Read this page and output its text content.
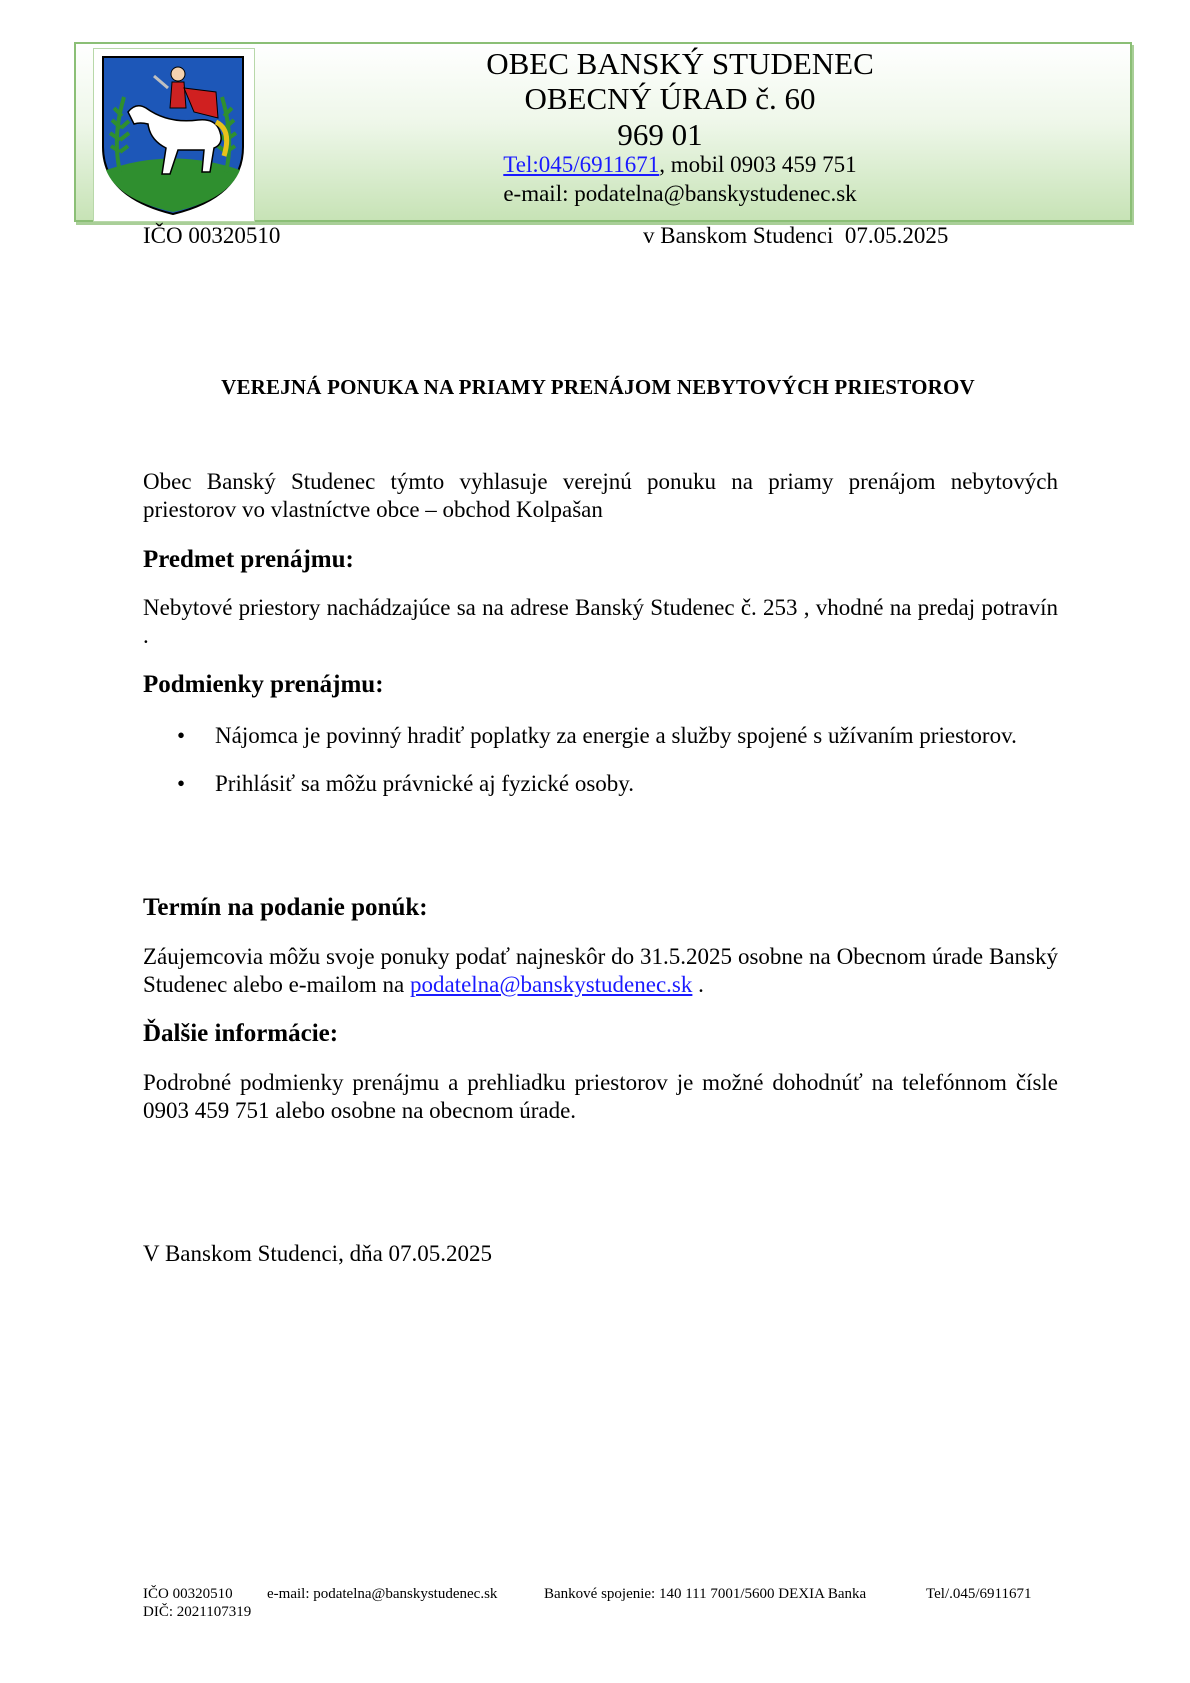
OBEC BANSKÝ STUDENEC
OBECNÝ ÚRAD č. 60
969 01
Tel:045/6911671, mobil 0903 459 751
e-mail: podatelna@banskystudenec.sk
IČO 00320510	v Banskom Studenci  07.05.2025
VEREJNÁ PONUKA NA PRIAMY PRENÁJOM NEBYTOVÝCH PRIESTOROV
Obec Banský Studenec týmto vyhlasuje verejnú ponuku na priamy prenájom nebytových priestorov vo vlastníctve obce – obchod Kolpašan
Predmet prenájmu:
Nebytové priestory nachádzajúce sa na adrese Banský Studenec č. 253 , vhodné na predaj potravín .
Podmienky prenájmu:
• Nájomca je povinný hradiť poplatky za energie a služby spojené s užívaním priestorov.
• Prihlásiť sa môžu právnické aj fyzické osoby.
Termín na podanie ponúk:
Záujemcovia môžu svoje ponuky podať najneskôr do 31.5.2025 osobne na Obecnom úrade Banský Studenec alebo e-mailom na podatelna@banskystudenec.sk .
Ďalšie informácie:
Podrobné podmienky prenájmu a prehliadku priestorov je možné dohodnúť na telefónnom čísle 0903 459 751 alebo osobne na obecnom úrade.
V Banskom Studenci, dňa 07.05.2025
IČO 00320510 e-mail: podatelna@banskystudenec.sk	Bankové spojenie: 140 111 7001/5600 DEXIA Banka	Tel/.045/6911671
DIČ: 2021107319
